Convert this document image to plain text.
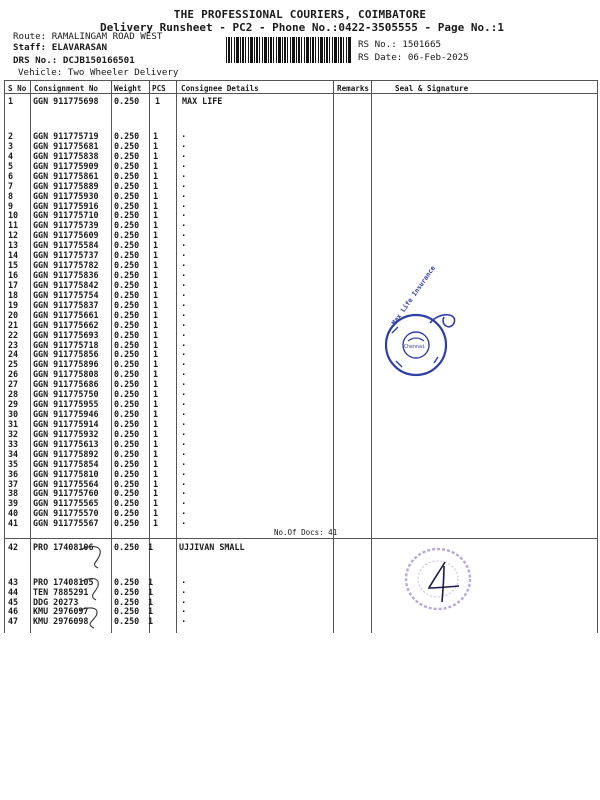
THE PROFESSIONAL COURIERS, COIMBATORE
Delivery Runsheet - PC2 - Phone No.:0422-3505555 - Page No.:1
Route: RAMALINGAM ROAD WEST
Staff: ELAVARASAN
DRS No.: DCJB150166501
Vehicle: Two Wheeler Delivery
RS No.: 1501665
RS Date: 06-Feb-2025
S No Consignment No Weight PCS Consignee Details	Remarks	Seal & Signature
1 GGN 911775698 0.250 1	MAX LIFE
2 GGN 911775719 0.250 1	.
3 GGN 911775681 0.250 1	.
4 GGN 911775838 0.250 1	.
5 GGN 911775909 0.250 1	.
6 GGN 911775861 0.250 1	.
7 GGN 911775889 0.250 1	.
8 GGN 911775930 0.250 1	.
9 GGN 911775916 0.250 1	.
10 GGN 911775710 0.250 1	.
11 GGN 911775739 0.250 1	.
12 GGN 911775609 0.250 1	.
13 GGN 911775584 0.250 1	.
14 GGN 911775737 0.250 1	.
15 GGN 911775782 0.250 1	.
16 GGN 911775836 0.250 1	.
17 GGN 911775842 0.250 1	.
18 GGN 911775754 0.250 1	.
19 GGN 911775837 0.250 1	.
20 GGN 911775661 0.250 1	.
21 GGN 911775662 0.250 1	.
22 GGN 911775693 0.250 1	.
23 GGN 911775718 0.250 1	.
24 GGN 911775856 0.250 1	.
25 GGN 911775896 0.250 1	.
26 GGN 911775808 0.250 1	.
27 GGN 911775686 0.250 1	.
28 GGN 911775750 0.250 1	.
29 GGN 911775955 0.250 1	.
30 GGN 911775946 0.250 1	.
31 GGN 911775914 0.250 1	.
32 GGN 911775932 0.250 1	.
33 GGN 911775613 0.250 1	.
34 GGN 911775892 0.250 1	.
35 GGN 911775854 0.250 1	.
36 GGN 911775810 0.250 1	.
37 GGN 911775564 0.250 1	.
38 GGN 911775760 0.250 1	.
39 GGN 911775565 0.250 1	.
40 GGN 911775570 0.250 1	.
41 GGN 911775567 0.250 1	.
No.Of Docs: 41
42 PRO 17408106 0.250 1	UJJIVAN SMALL
43 PRO 17408105 0.250 1	.
44 TEN 7885291	0.250 1	.
45 DDG 20273	0.250 1	.
46 KMU 2976097	0.250 1	.
47 KMU 2976098	0.250 1	.
Max Life Insurance
Chennai
